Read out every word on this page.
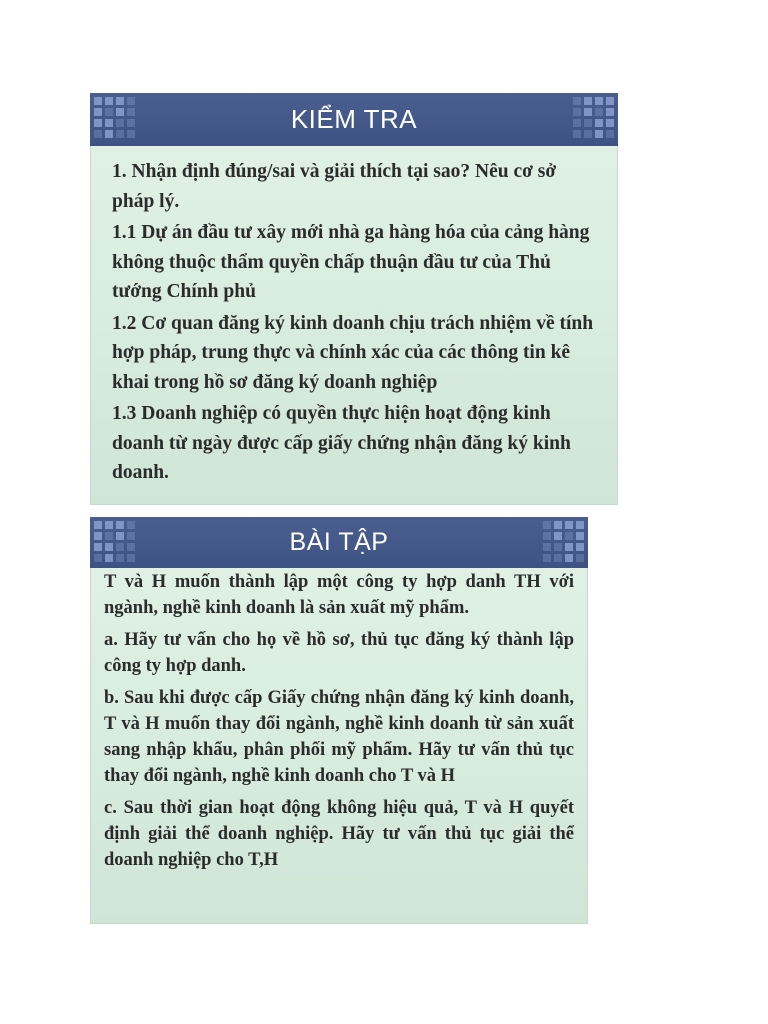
KIỂM TRA

1. Nhận định đúng/sai và giải thích tại sao? Nêu cơ sở pháp lý.

1.1 Dự án đầu tư xây mới nhà ga hàng hóa của cảng hàng không thuộc thẩm quyền chấp thuận đầu tư của Thủ tướng Chính phủ

1.2 Cơ quan đăng ký kinh doanh chịu trách nhiệm về tính hợp pháp, trung thực và chính xác của các thông tin kê khai trong hồ sơ đăng ký doanh nghiệp

1.3 Doanh nghiệp có quyền thực hiện hoạt động kinh doanh từ ngày được cấp giấy chứng nhận đăng ký kinh doanh.

BÀI TẬP

T và H muốn thành lập một công ty hợp danh TH với ngành, nghề kinh doanh là sản xuất mỹ phẩm.

a. Hãy tư vấn cho họ về hồ sơ, thủ tục đăng ký thành lập công ty hợp danh.

b. Sau khi được cấp Giấy chứng nhận đăng ký kinh doanh, T và H muốn thay đổi ngành, nghề kinh doanh từ sản xuất sang nhập khẩu, phân phối mỹ phẩm. Hãy tư vấn thủ tục thay đổi ngành, nghề kinh doanh cho T và H

c. Sau thời gian hoạt động không hiệu quả, T và H quyết định giải thể doanh nghiệp. Hãy tư vấn thủ tục giải thể doanh nghiệp cho T,H
